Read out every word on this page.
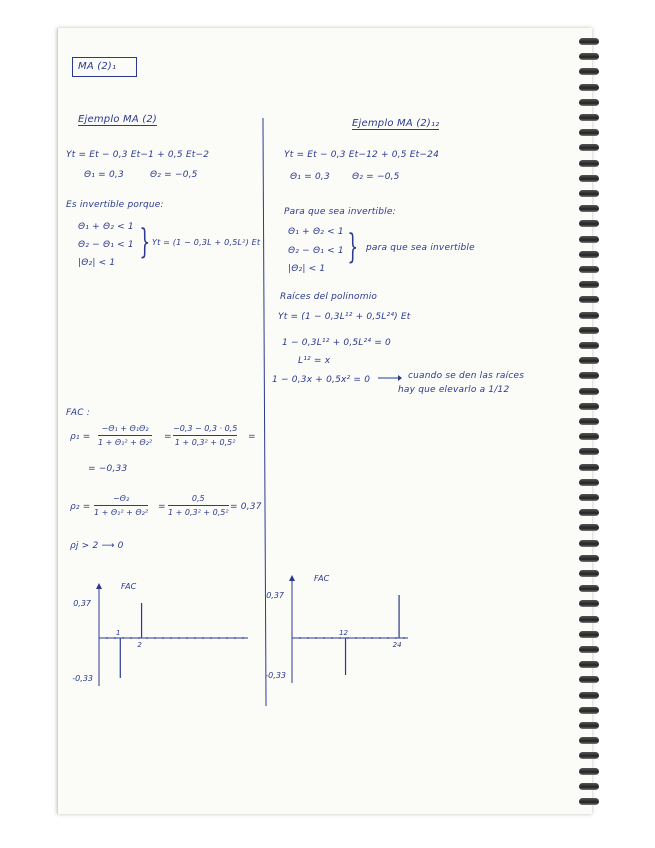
MA (2)₁
Ejemplo MA (2)
Yt = Et − 0,3 Et−1 + 0,5 Et−2
Θ₁ = 0,3	Θ₂ = −0,5
Es invertible porque:
Θ₁ + Θ₂ < 1
Θ₂ − Θ₁ < 1
|Θ₂| < 1
} Yt = (1 − 0,3L + 0,5L²) Et
FAC :
ρ₁ =
−Θ₁ + Θ₁Θ₂
1 + Θ₁² + Θ₂²
=
−0,3 − 0,3 · 0,5
1 + 0,3² + 0,5²
=
= −0,33
ρ₂ =
−Θ₂
1 + Θ₁² + Θ₂²
=
0,5
1 + 0,3² + 0,5²
= 0,37
ρj > 2 ⟶ 0
Ejemplo MA (2)₁₂
Yt = Et − 0,3 Et−12 + 0,5 Et−24
Θ₁ = 0,3 Θ₂ = −0,5
Para que sea invertible:
Θ₁ + Θ₂ < 1
Θ₂ − Θ₁ < 1
|Θ₂| < 1
} para que sea invertible
Raíces del polinomio
Yt = (1 − 0,3L¹² + 0,5L²⁴) Et
1 − 0,3L¹² + 0,5L²⁴ = 0
L¹² = x
1 − 0,3x + 0,5x² = 0	cuando se den las raíces
hay que elevarlo a 1/12
FAC
0,37
-0,33
1
2
FAC
0,37
-0,33
12
24
